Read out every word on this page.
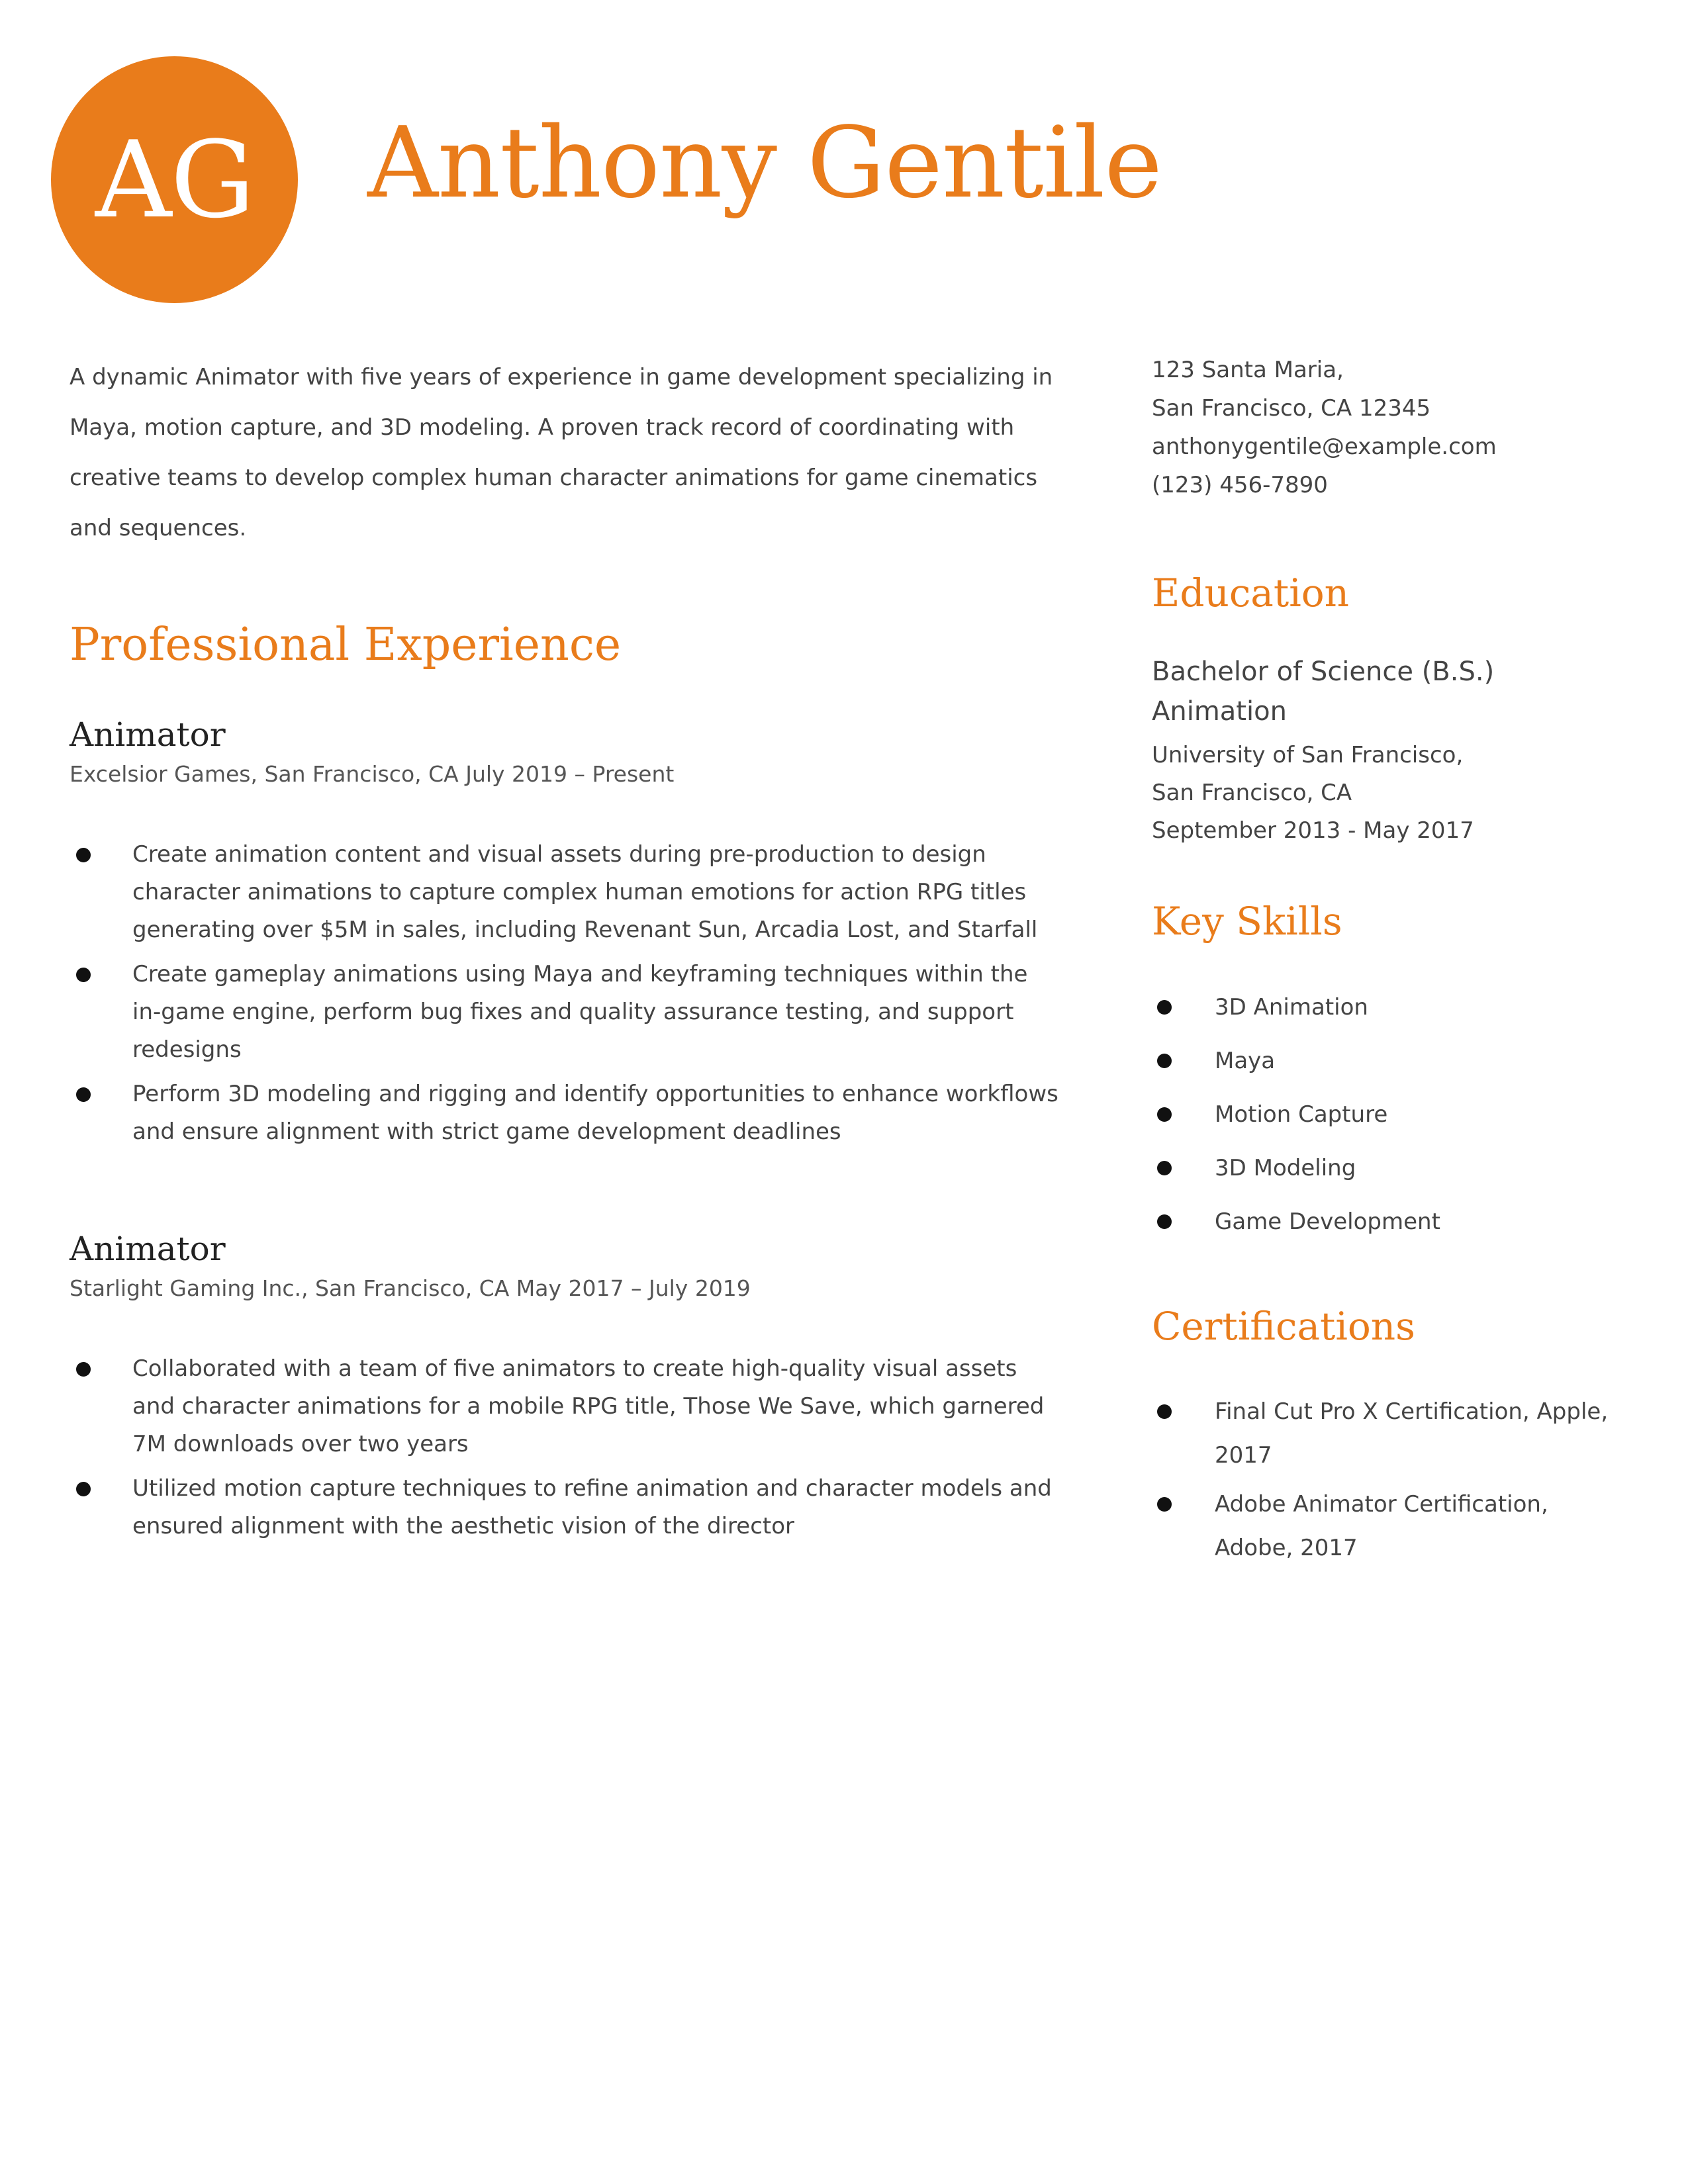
AG Anthony Gentile

A dynamic Animator with five years of experience in game development specializing in Maya, motion capture, and 3D modeling. A proven track record of coordinating with creative teams to develop complex human character animations for game cinematics and sequences.

Professional Experience

Animator

Excelsior Games, San Francisco, CA July 2019 – Present

Create animation content and visual assets during pre-production to design character animations to capture complex human emotions for action RPG titles generating over $5M in sales, including Revenant Sun, Arcadia Lost, and Starfall
Create gameplay animations using Maya and keyframing techniques within the in-game engine, perform bug fixes and quality assurance testing, and support redesigns
Perform 3D modeling and rigging and identify opportunities to enhance workflows and ensure alignment with strict game development deadlines

Animator

Starlight Gaming Inc., San Francisco, CA May 2017 – July 2019

Collaborated with a team of five animators to create high-quality visual assets and character animations for a mobile RPG title, Those We Save, which garnered 7M downloads over two years
Utilized motion capture techniques to refine animation and character models and ensured alignment with the aesthetic vision of the director
123 Santa Maria,
San Francisco, CA 12345
anthonygentile@example.com
(123) 456-7890
Education
Bachelor of Science (B.S.)
Animation
University of San Francisco,
San Francisco, CA
September 2013 - May 2017
Key Skills
3D Animation
Maya
Motion Capture
3D Modeling
Game Development
Certifications
Final Cut Pro X Certification, Apple, 2017
Adobe Animator Certification, Adobe, 2017
